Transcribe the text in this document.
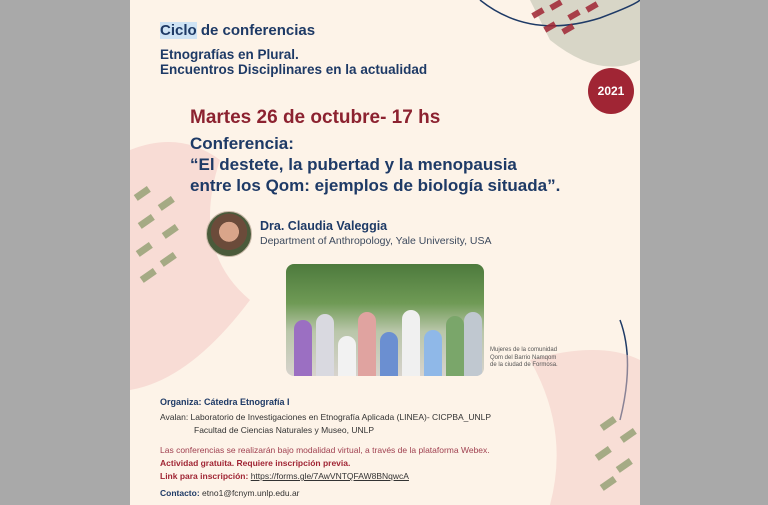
Ciclo de conferencias
Etnografías en Plural.
Encuentros Disciplinares en la actualidad
2021
Martes 26 de octubre- 17 hs
Conferencia:
“El destete, la pubertad y la menopausia
entre los Qom: ejemplos de biología situada”.
Dra. Claudia Valeggia
Department of Anthropology, Yale University, USA
Mujeres de la comunidad
Qom del Barrio Namqom
de la ciudad de Formosa.
Organiza: Cátedra Etnografía I
Avalan: Laboratorio de Investigaciones en Etnografía Aplicada (LINEA)- CICPBA_UNLP
Facultad de Ciencias Naturales y Museo, UNLP
Las conferencias se realizarán bajo modalidad virtual, a través de la plataforma Webex.
Actividad gratuita. Requiere inscripción previa.
Link para inscripción: https://forms.gle/7AwVNTQFAW8BNqwcA
Contacto: etno1@fcnym.unlp.edu.ar
